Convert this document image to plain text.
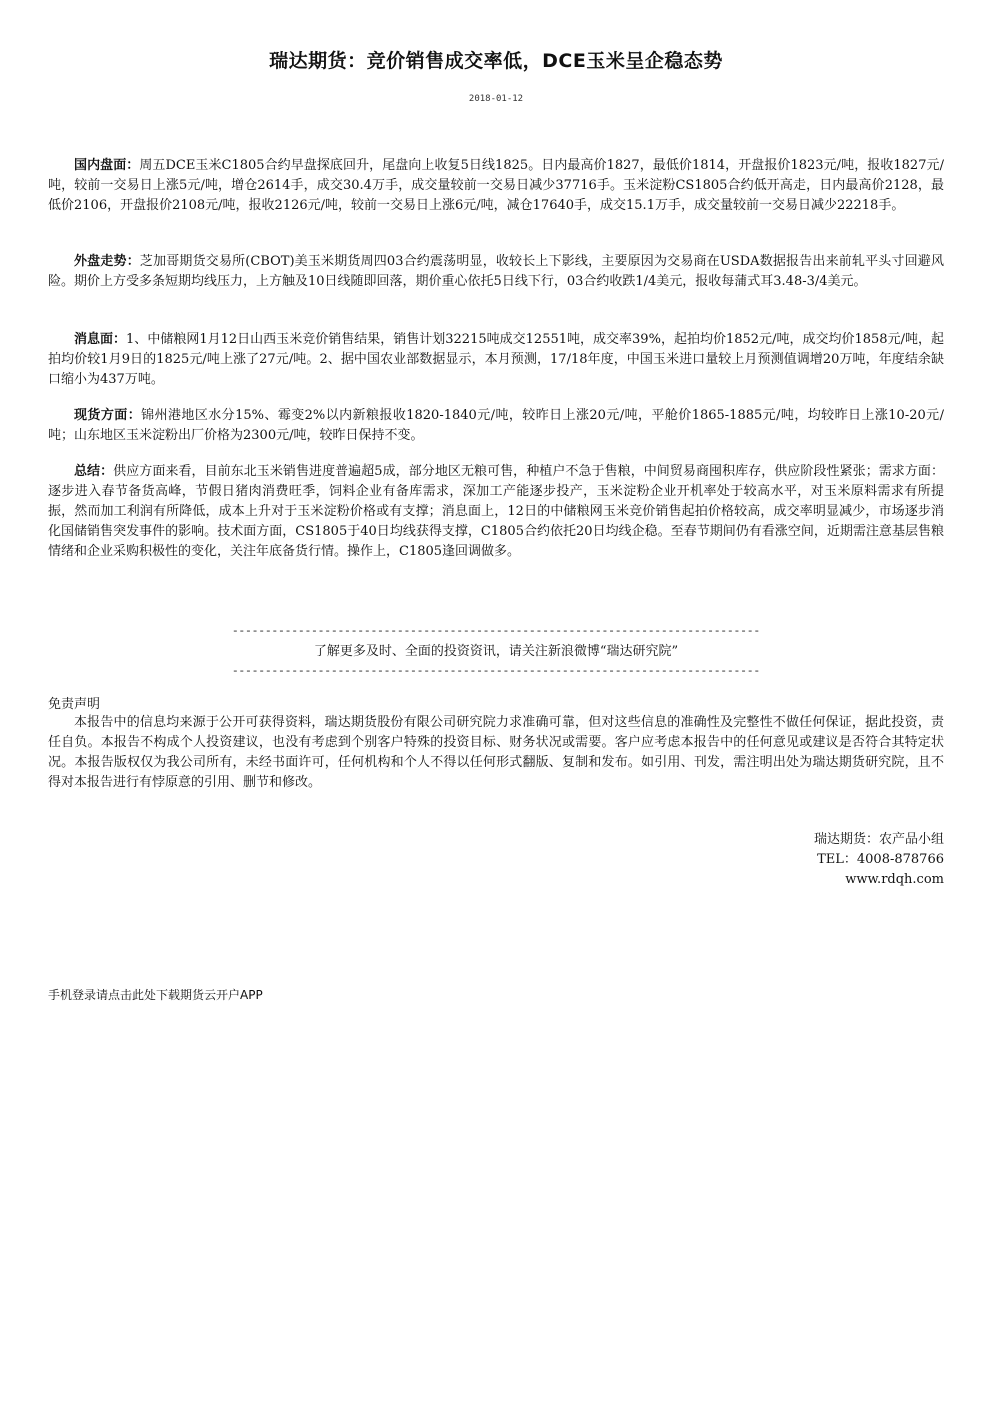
瑞达期货：竞价销售成交率低，DCE玉米呈企稳态势
2018-01-12
国内盘面：周五DCE玉米C1805合约早盘探底回升，尾盘向上收复5日线1825。日内最高价1827，最低价1814，开盘报价1823元/吨，报收1827元/吨，较前一交易日上涨5元/吨，增仓2614手，成交30.4万手，成交量较前一交易日减少37716手。玉米淀粉CS1805合约低开高走，日内最高价2128，最低价2106，开盘报价2108元/吨，报收2126元/吨，较前一交易日上涨6元/吨，减仓17640手，成交15.1万手，成交量较前一交易日减少22218手。
外盘走势：芝加哥期货交易所(CBOT)美玉米期货周四03合约震荡明显，收较长上下影线，主要原因为交易商在USDA数据报告出来前轧平头寸回避风险。期价上方受多条短期均线压力，上方触及10日线随即回落，期价重心依托5日线下行，03合约收跌1/4美元，报收每蒲式耳3.48-3/4美元。
消息面：1、中储粮网1月12日山西玉米竞价销售结果，销售计划32215吨成交12551吨，成交率39%，起拍均价1852元/吨，成交均价1858元/吨，起拍均价较1月9日的1825元/吨上涨了27元/吨。2、据中国农业部数据显示，本月预测，17/18年度，中国玉米进口量较上月预测值调增20万吨，年度结余缺口缩小为437万吨。
现货方面：锦州港地区水分15%、霉变2%以内新粮报收1820-1840元/吨，较昨日上涨20元/吨，平舱价1865-1885元/吨，均较昨日上涨10-20元/吨；山东地区玉米淀粉出厂价格为2300元/吨，较昨日保持不变。
总结：供应方面来看，目前东北玉米销售进度普遍超5成，部分地区无粮可售，种植户不急于售粮，中间贸易商囤积库存，供应阶段性紧张；需求方面：逐步进入春节备货高峰，节假日猪肉消费旺季，饲料企业有备库需求，深加工产能逐步投产，玉米淀粉企业开机率处于较高水平，对玉米原料需求有所提振，然而加工利润有所降低，成本上升对于玉米淀粉价格或有支撑；消息面上，12日的中储粮网玉米竞价销售起拍价格较高，成交率明显减少，市场逐步消化国储销售突发事件的影响。技术面方面，CS1805于40日均线获得支撑，C1805合约依托20日均线企稳。至春节期间仍有看涨空间，近期需注意基层售粮情绪和企业采购积极性的变化，关注年底备货行情。操作上，C1805逢回调做多。
--------------------------------------------------------------------------------
了解更多及时、全面的投资资讯，请关注新浪微博“瑞达研究院”
--------------------------------------------------------------------------------
免责声明
本报告中的信息均来源于公开可获得资料，瑞达期货股份有限公司研究院力求准确可靠，但对这些信息的准确性及完整性不做任何保证，据此投资，责任自负。本报告不构成个人投资建议，也没有考虑到个别客户特殊的投资目标、财务状况或需要。客户应考虑本报告中的任何意见或建议是否符合其特定状况。本报告版权仅为我公司所有，未经书面许可，任何机构和个人不得以任何形式翻版、复制和发布。如引用、刊发，需注明出处为瑞达期货研究院，且不得对本报告进行有悖原意的引用、删节和修改。
瑞达期货：农产品小组
TEL：4008-878766
www.rdqh.com
手机登录请点击此处下载期货云开户APP
